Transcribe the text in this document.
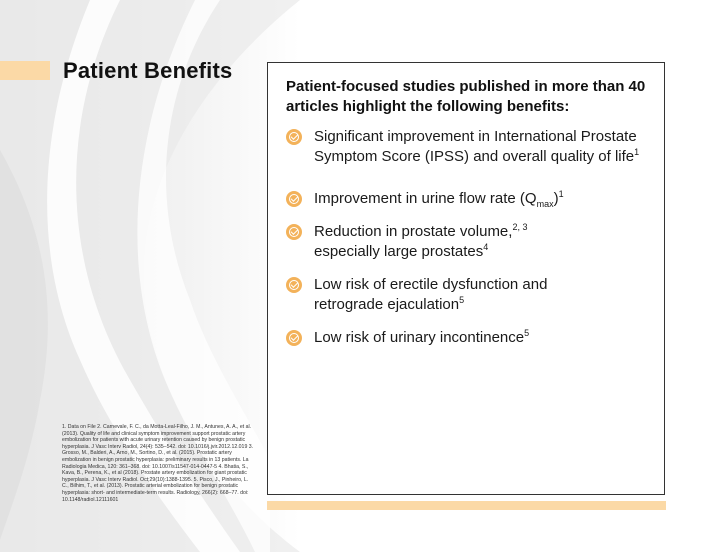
Patient Benefits
Patient-focused studies published in more than 40 articles highlight the following benefits:
Significant improvement in International Prostate Symptom Score (IPSS) and overall quality of life$^1$
Improvement in urine flow rate $(Q_{max})^1$
Reduction in prostate volume,$^{2, 3}$
especially large prostates$^4$
Low risk of erectile dysfunction and retrograde ejaculation$^5$
Low risk of urinary incontinence$^5$
1. Data on File 2. Carnevale, F. C., da Motta-Leal-Filho, J. M., Antunes, A. A., et al. (2013). Quality of life and clinical symptom improvement support prostatic artery embolization for patients with acute urinary retention caused by benign prostatic hyperplasia. J Vasc Interv Radiol, 24(4): 535–542. doi: 10.1016/j.jvir.2012.12.019 3. Grosso, M., Balderi, A., Arno, M., Sortino, D., et al. (2015). Prostatic artery embolization in benign prostatic hyperplasia: preliminary results in 13 patients. La Radiologia Medica, 120: 361–368. doi: 10.1007/s11547-014-0447-5 4. Bhatia, S., Kava, B., Perena, K., et al (2018). Prostate artery embolization for giant prostatic hyperplasia. J Vasc Interv Radiol. Oct;29(10):1388-1395. 5. Pisco, J., Pinheiro, L. C., Bilhim, T., et al. (2013). Prostatic arterial embolization for benign prostatic hyperplasia: short- and intermediate-term results. Radiology, 266(2): 668–77. doi: 10.1148/radiol.12111601
